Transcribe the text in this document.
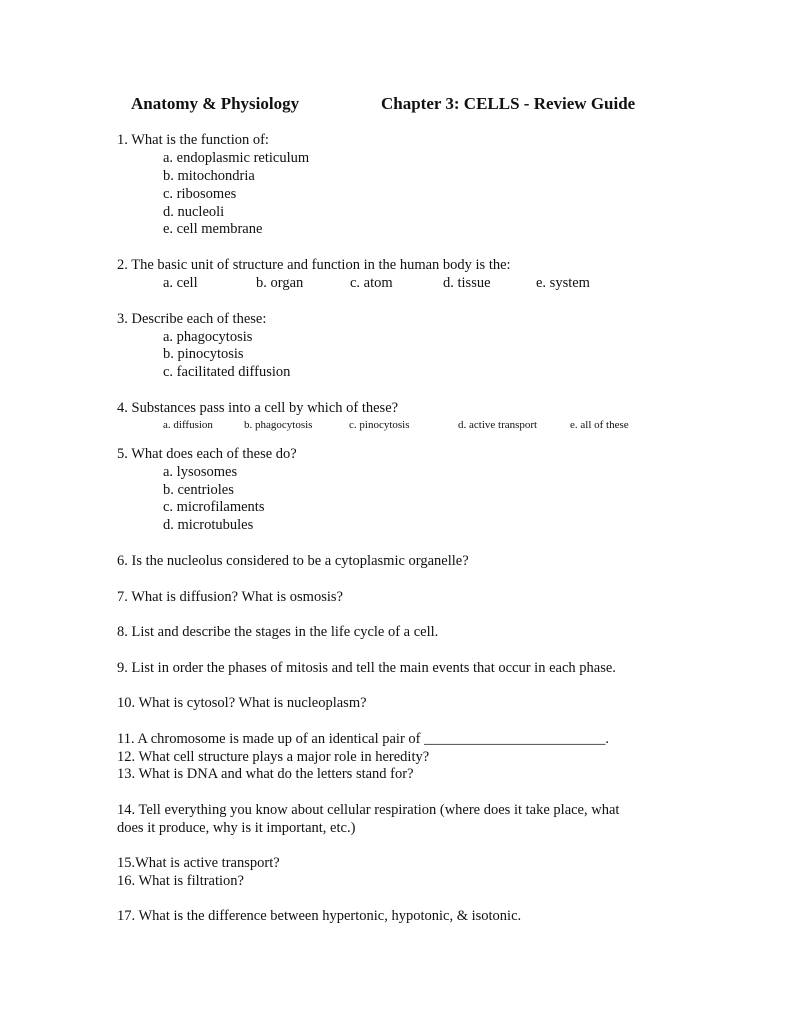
Anatomy & Physiology	Chapter 3: CELLS - Review Guide
1. What is the function of:
a. endoplasmic reticulum
b. mitochondria
c. ribosomes
d. nucleoli
e. cell membrane
2. The basic unit of structure and function in the human body is the:
a. cell	b. organ	c. atom	d. tissue	e. system
3. Describe each of these:
a. phagocytosis
b. pinocytosis
c. facilitated diffusion
4. Substances pass into a cell by which of these?
a. diffusion	b. phagocytosis	c. pinocytosis	d. active transport	e. all of these
5. What does each of these do?
a. lysosomes
b. centrioles
c. microfilaments
d. microtubules
6. Is the nucleolus considered to be a cytoplasmic organelle?
7. What is diffusion? What is osmosis?
8. List and describe the stages in the life cycle of a cell.
9. List in order the phases of mitosis and tell the main events that occur in each phase.
10. What is cytosol? What is nucleoplasm?
11. A chromosome is made up of an identical pair of _________________________.
12. What cell structure plays a major role in heredity?
13. What is DNA and what do the letters stand for?
14. Tell everything you know about cellular respiration (where does it take place, what
does it produce, why is it important, etc.)
15.What is active transport?
16. What is filtration?
17. What is the difference between hypertonic, hypotonic, & isotonic.
